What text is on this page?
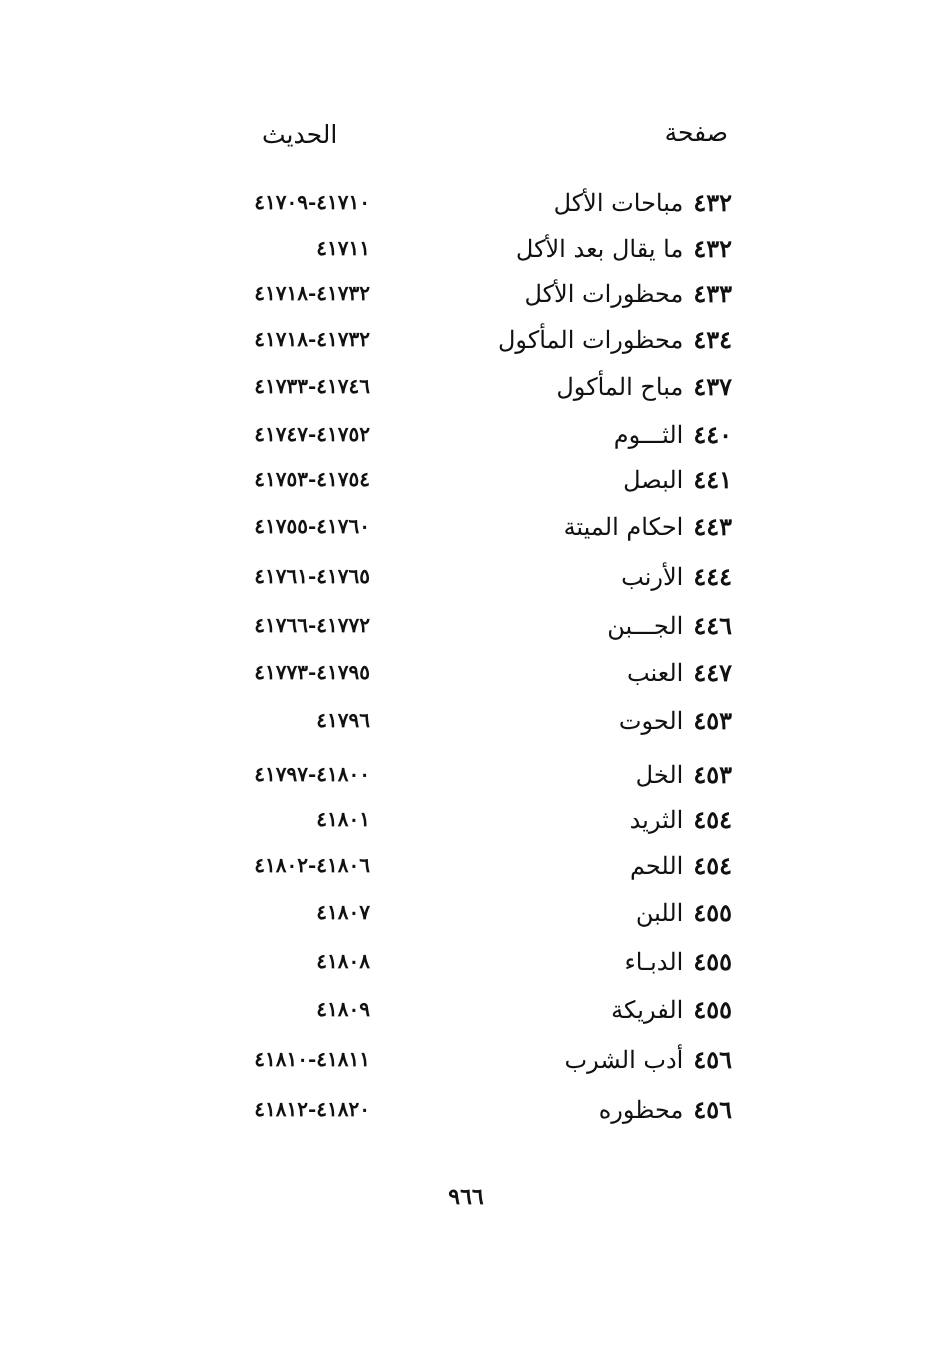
صفحة
الحديث
٤٣٢مباحات الأكل
٤١٧١٠-٤١٧٠٩
٤٣٢ما يقال بعد الأكل
٤١٧١١
٤٣٣محظورات الأكل
٤١٧٣٢-٤١٧١٨
٤٣٤محظورات المأكول
٤١٧٣٢-٤١٧١٨
٤٣٧مباح المأكول
٤١٧٤٦-٤١٧٣٣
٤٤٠الثـــوم
٤١٧٥٢-٤١٧٤٧
٤٤١البصل
٤١٧٥٤-٤١٧٥٣
٤٤٣احكام الميتة
٤١٧٦٠-٤١٧٥٥
٤٤٤الأرنب
٤١٧٦٥-٤١٧٦١
٤٤٦الجـــبن
٤١٧٧٢-٤١٧٦٦
٤٤٧العنب
٤١٧٩٥-٤١٧٧٣
٤٥٣الحوت
٤١٧٩٦
٤٥٣الخل
٤١٨٠٠-٤١٧٩٧
٤٥٤الثريد
٤١٨٠١
٤٥٤اللحم
٤١٨٠٦-٤١٨٠٢
٤٥٥اللبن
٤١٨٠٧
٤٥٥الدبـاء
٤١٨٠٨
٤٥٥الفريكة
٤١٨٠٩
٤٥٦أدب الشرب
٤١٨١١-٤١٨١٠
٤٥٦محظوره
٤١٨٢٠-٤١٨١٢
٩٦٦
